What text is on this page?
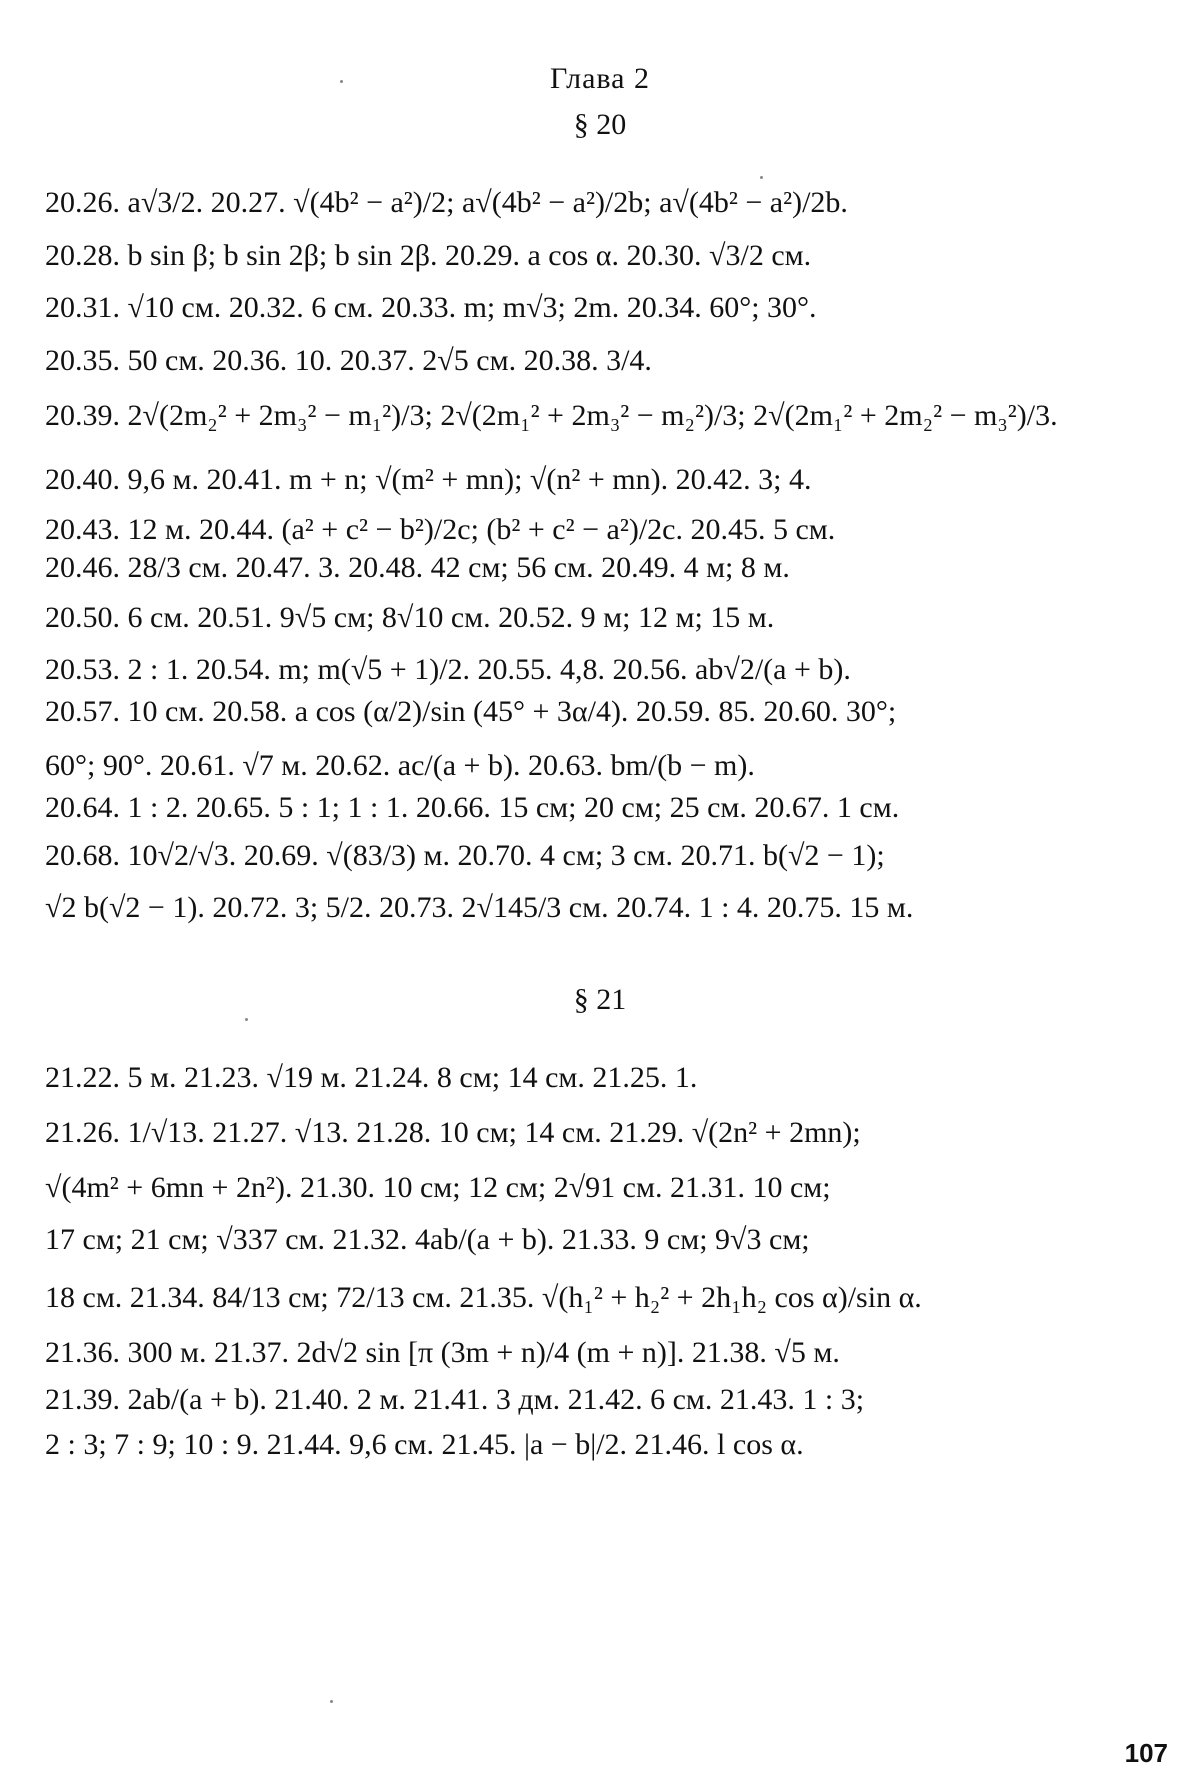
Глава 2
§ 20
20.26. a√3/2. 20.27. √(4b² − a²)/2; a√(4b² − a²)/2b; a√(4b² − a²)/2b.
20.28. b sin β; b sin 2β; b sin 2β. 20.29. a cos α. 20.30. √3/2 см.
20.31. √10 см. 20.32. 6 см. 20.33. m; m√3; 2m. 20.34. 60°; 30°.
20.35. 50 см. 20.36. 10. 20.37. 2√5 см. 20.38. 3/4.
20.39. 2√(2m₂² + 2m₃² − m₁²)/3; 2√(2m₁² + 2m₃² − m₂²)/3; 2√(2m₁² + 2m₂² − m₃²)/3.
20.40. 9,6 м. 20.41. m + n; √(m² + mn); √(n² + mn). 20.42. 3; 4.
20.43. 12 м. 20.44. (a² + c² − b²)/2c; (b² + c² − a²)/2c. 20.45. 5 см.
20.46. 28/3 см. 20.47. 3. 20.48. 42 см; 56 см. 20.49. 4 м; 8 м.
20.50. 6 см. 20.51. 9√5 см; 8√10 см. 20.52. 9 м; 12 м; 15 м.
20.53. 2 : 1. 20.54. m; m(√5 + 1)/2. 20.55. 4,8. 20.56. ab√2/(a + b).
20.57. 10 см. 20.58. a cos (α/2)/sin (45° + 3α/4). 20.59. 85. 20.60. 30°;
60°; 90°. 20.61. √7 м. 20.62. ac/(a + b). 20.63. bm/(b − m).
20.64. 1 : 2. 20.65. 5 : 1; 1 : 1. 20.66. 15 см; 20 см; 25 см. 20.67. 1 см.
20.68. 10√2/√3. 20.69. √(83/3) м. 20.70. 4 см; 3 см. 20.71. b(√2 − 1);
√2 b(√2 − 1). 20.72. 3; 5/2. 20.73. 2√145/3 см. 20.74. 1 : 4. 20.75. 15 м.
§ 21
21.22. 5 м. 21.23. √19 м. 21.24. 8 см; 14 см. 21.25. 1.
21.26. 1/√13. 21.27. √13. 21.28. 10 см; 14 см. 21.29. √(2n² + 2mn);
√(4m² + 6mn + 2n²). 21.30. 10 см; 12 см; 2√91 см. 21.31. 10 см;
17 см; 21 см; √337 см. 21.32. 4ab/(a + b). 21.33. 9 см; 9√3 см;
18 см. 21.34. 84/13 см; 72/13 см. 21.35. √(h₁² + h₂² + 2h₁h₂ cos α)/sin α.
21.36. 300 м. 21.37. 2d√2 sin [π (3m + n)/4 (m + n)]. 21.38. √5 м.
21.39. 2ab/(a + b). 21.40. 2 м. 21.41. 3 дм. 21.42. 6 см. 21.43. 1 : 3;
2 : 3; 7 : 9; 10 : 9. 21.44. 9,6 см. 21.45. |a − b|/2. 21.46. l cos α.
107
